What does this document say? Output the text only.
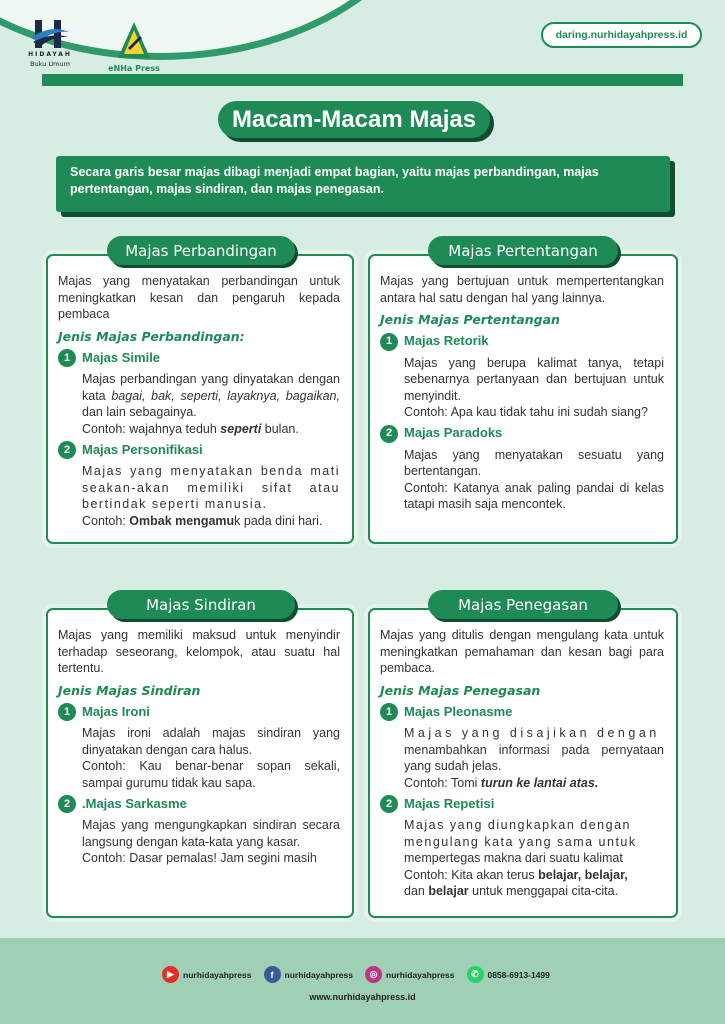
HIDAYAH
Buku Umum	eNHa Press
daring.nurhidayahpress.id
Macam-Macam Majas
Secara garis besar majas dibagi menjadi empat bagian, yaitu majas perbandingan, majas pertentangan, majas sindiran, dan majas penegasan.
Majas Perbandingan

Majas yang menyatakan perbandingan untuk meningkatkan kesan dan pengaruh kepada pembaca

Jenis Majas Perbandingan:
1 Majas Simile

Majas perbandingan yang dinyatakan dengan kata bagai, bak, seperti, layaknya, bagaikan, dan lain sebagainya.

Contoh: wajahnya teduh seperti bulan.

2 Majas Personifikasi

Majas yang menyatakan benda mati seakan-akan memiliki sifat atau bertindak seperti manusia.

Contoh: Ombak mengamuk pada dini hari.

Majas Pertentangan

Majas yang bertujuan untuk mempertentangkan antara hal satu dengan hal yang lainnya.

Jenis Majas Pertentangan
1 Majas Retorik

Majas yang berupa kalimat tanya, tetapi sebenarnya pertanyaan dan bertujuan untuk menyindit.

Contoh: Apa kau tidak tahu ini sudah siang?

2 Majas Paradoks

Majas yang menyatakan sesuatu yang bertentangan.

Contoh: Katanya anak paling pandai di kelas tatapi masih saja mencontek.

Majas Sindiran

Majas yang memiliki maksud untuk menyindir terhadap seseorang, kelompok, atau suatu hal tertentu.

Jenis Majas Sindiran
1 Majas Ironi

Majas ironi adalah majas sindiran yang dinyatakan dengan cara halus.

Contoh: Kau benar-benar sopan sekali, sampai gurumu tidak kau sapa.

2 .Majas Sarkasme

Majas yang mengungkapkan sindiran secara langsung dengan kata-kata yang kasar.

Contoh: Dasar pemalas! Jam segini masih

Majas Penegasan

Majas yang ditulis dengan mengulang kata untuk meningkatkan pemahaman dan kesan bagi para pembaca.

Jenis Majas Penegasan
1 Majas Pleonasme

Majas yang disajikan dengan

menambahkan informasi pada pernyataan yang sudah jelas.

Contoh: Tomi turun ke lantai atas.

2 Majas Repetisi

Majas yang diungkapkan dengan

mengulang kata yang sama untuk

mempertegas makna dari suatu kalimat

Contoh: Kita akan terus belajar, belajar,

dan belajar untuk menggapai cita-cita.

▶	nurhidayahpress	f	nurhidayahpress	◎	nurhidayahpress	✆	0858-6913-1499
www.nurhidayahpress.id
